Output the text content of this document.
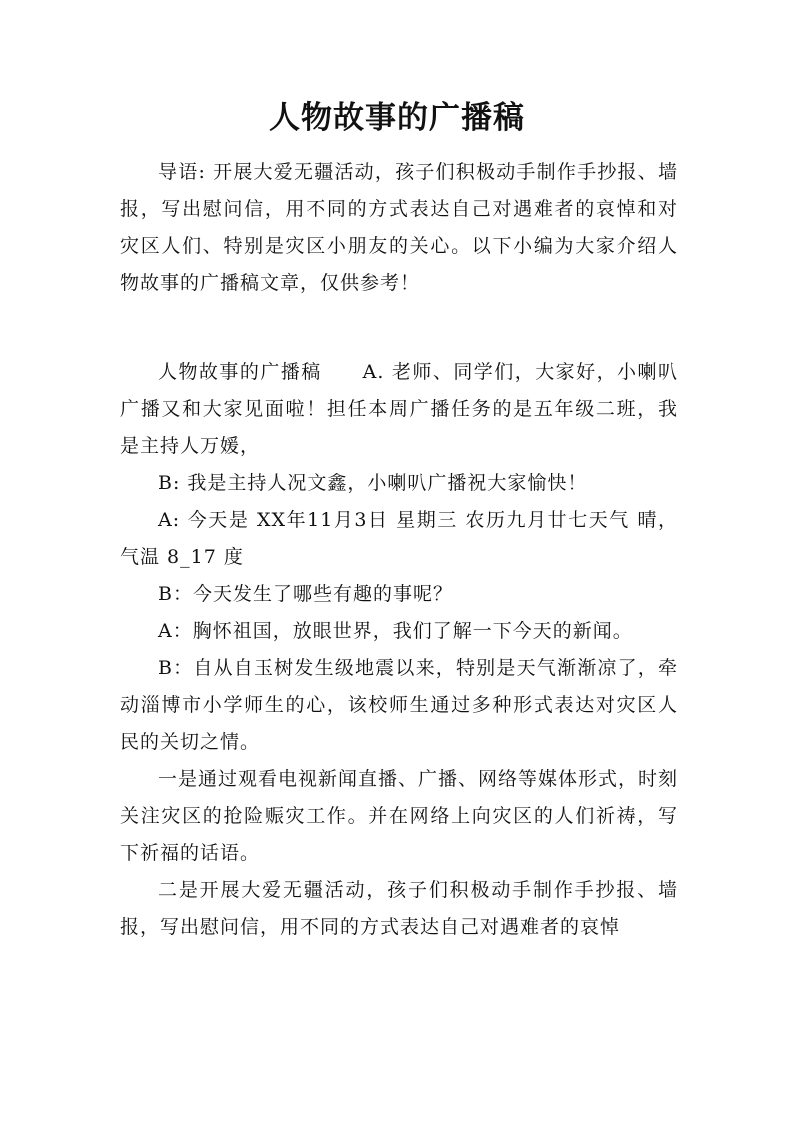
人物故事的广播稿

导语: 开展大爱无疆活动，孩子们积极动手制作手抄报、墙报，写出慰问信，用不同的方式表达自己对遇难者的哀悼和对灾区人们、特别是灾区小朋友的关心。以下小编为大家介绍人物故事的广播稿文章，仅供参考！

人物故事的广播稿　　A. 老师、同学们，大家好，小喇叭广播又和大家见面啦！担任本周广播任务的是五年级二班，我是主持人万媛，

B: 我是主持人况文鑫，小喇叭广播祝大家愉快！

A: 今天是 XX年11月3日 星期三 农历九月廿七天气 晴，气温 8_17 度

B：今天发生了哪些有趣的事呢？

A：胸怀祖国，放眼世界，我们了解一下今天的新闻。

B：自从自玉树发生级地震以来，特别是天气渐渐凉了，牵动淄博市小学师生的心，该校师生通过多种形式表达对灾区人民的关切之情。

一是通过观看电视新闻直播、广播、网络等媒体形式，时刻关注灾区的抢险赈灾工作。并在网络上向灾区的人们祈祷，写下祈福的话语。

二是开展大爱无疆活动，孩子们积极动手制作手抄报、墙报，写出慰问信，用不同的方式表达自己对遇难者的哀悼
